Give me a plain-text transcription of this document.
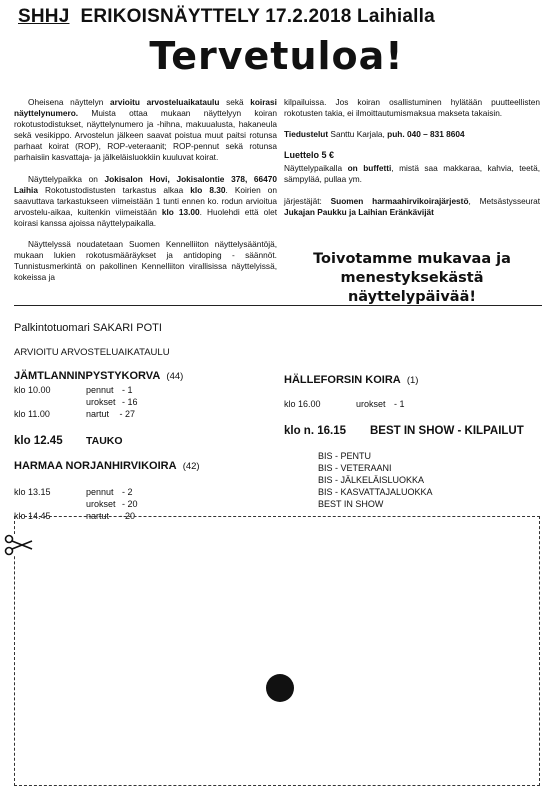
SHHJ ERIKOISNÄYTTELY 17.2.2018 Laihialla
Tervetuloa!

Oheisena näyttelyn arvioitu arvosteluaikataulu sekä koirasi näyttelynumero. Muista ottaa mukaan näyttelyyn koiran rokotustodistukset, näyttelynumero ja -hihna, makuualusta, hakaneula sekä vesikippo. Arvostelun jälkeen saavat poistua muut paitsi rotunsa parhaat koirat (ROP), ROP-veteraanit; ROP-pennut sekä rotunsa parhaisiin kasvattaja- ja jälkeläisluokkiin kuuluvat koirat.

Näyttelypaikka on Jokisalon Hovi, Jokisalontie 378, 66470 Laihia Rokotustodistusten tarkastus alkaa klo 8.30. Koirien on saavuttava tarkastukseen viimeistään 1 tunti ennen ko. rodun arvioitua arvostelu-aikaa, kuitenkin viimeistään klo 13.00. Huolehdi että olet koirasi kanssa ajoissa näyttelypaikalla.

Näyttelyssä noudatetaan Suomen Kennelliiton näyttelysääntöjä, mukaan lukien rokotusmääräykset ja antidoping - säännöt. Tunnistusmerkintä on pakollinen Kennelliiton virallisissa näyttelyissä, kokeissa ja

kilpailuissa. Jos koiran osallistuminen hylätään puutteellisten rokotusten takia, ei ilmoittautumismaksua makseta takaisin.

Tiedustelut Santtu Karjala, puh. 040 – 831 8604

Luettelo 5 €

Näyttelypaikalla on buffetti, mistä saa makkaraa, kahvia, teetä, sämpyläá, pullaa ym.

järjestäjät: Suomen harmaahirvikoirajärjestö, Metsästysseurat Jukajan Paukku ja Laihian Eränkävijät

Toivotamme mukavaa ja
menestyksekästä näyttelypäivää!
Palkintotuomari SAKARI POTI
ARVIOITU ARVOSTELUAIKATAULU
JÄMTLANNINPYSTYKORVA (44)
klo 10.00	pennut - 1
urokset - 16
klo 11.00	nartut - 27
klo 12.45 TAUKO
HARMAA NORJANHIRVIKOIRA (42)
klo 13.15	pennut - 2
urokset - 20
klo 14.45	nartut - 20
HÄLLEFORSIN KOIRA (1)
klo 16.00	urokset - 1
klo n. 16.15 BEST IN SHOW - KILPAILUT
BIS - PENTU
BIS - VETERAANI
BIS - JÄLKELÄISLUOKKA
BIS - KASVATTAJALUOKKA
BEST IN SHOW
